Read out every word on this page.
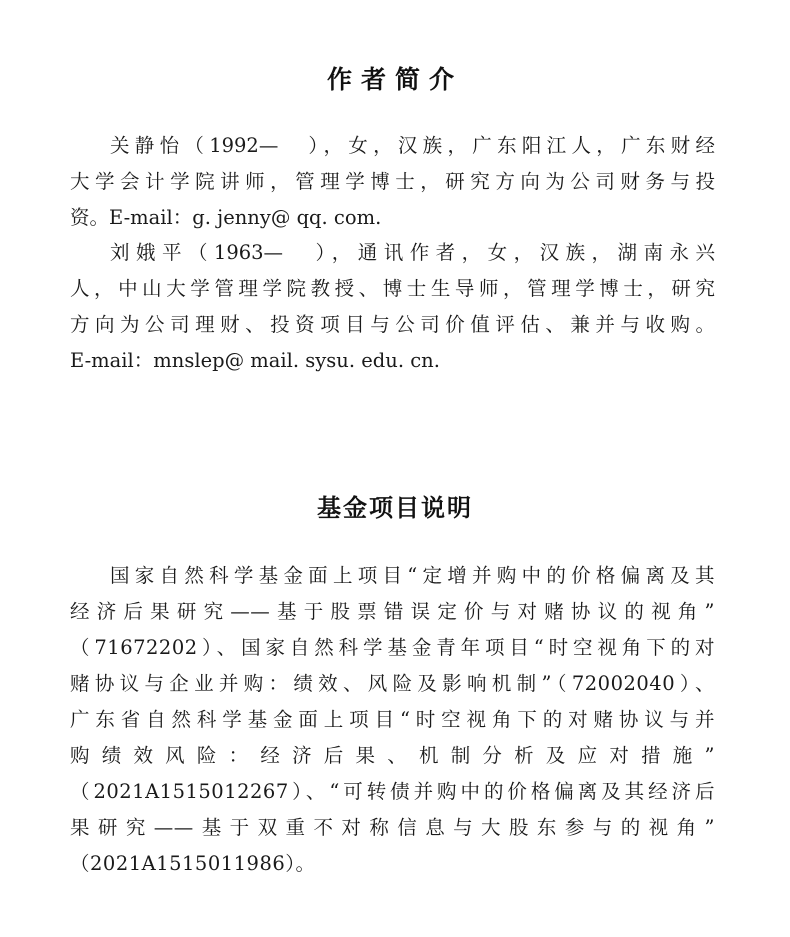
作者简介
关静怡（1992—　），女，汉族，广东阳江人，广东财经
大学会计学院讲师，管理学博士，研究方向为公司财务与投
资。E-mail：g. jenny@ qq. com.
刘娥平（1963—　），通讯作者，女，汉族，湖南永兴
人，中山大学管理学院教授、博士生导师，管理学博士，研究
方向为公司理财、投资项目与公司价值评估、兼并与收购。
E-mail：mnslep@ mail. sysu. edu. cn.
基金项目说明
国家自然科学基金面上项目“定增并购中的价格偏离及其
经济后果研究——基于股票错误定价与对赌协议的视角”
（71672202）、国家自然科学基金青年项目“时空视角下的对
赌协议与企业并购：绩效、风险及影响机制”（72002040）、
广东省自然科学基金面上项目“时空视角下的对赌协议与并
购绩效风险：经济后果、机制分析及应对措施”
（2021A1515012267）、“可转债并购中的价格偏离及其经济后
果研究——基于双重不对称信息与大股东参与的视角”
（2021A1515011986）。
